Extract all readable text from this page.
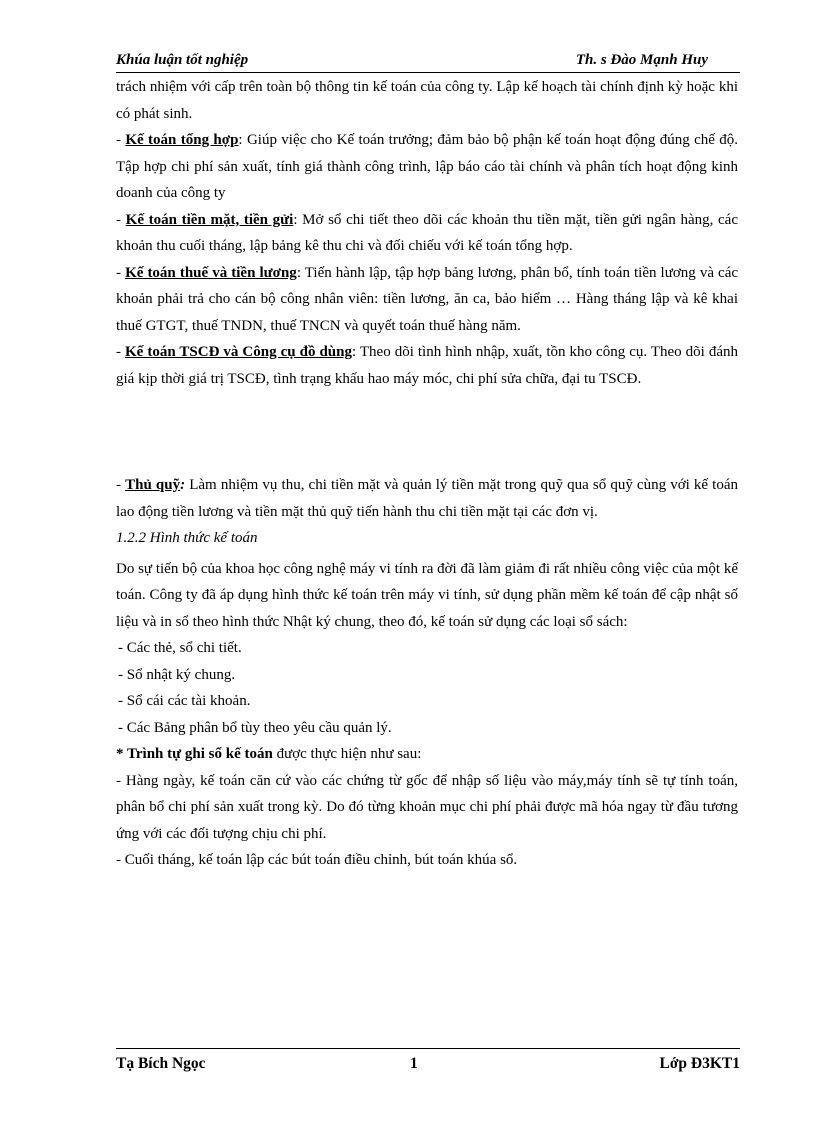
Khúa luận tốt nghiệp	Th. s Đào Mạnh Huy

trách nhiệm với cấp trên toàn bộ thông tin kế toán của công ty. Lập kế hoạch tài chính định kỳ hoặc khi có phát sinh.

- Kế toán tổng hợp: Giúp việc cho Kế toán trưởng; đảm bảo bộ phận kế toán hoạt động đúng chế độ. Tập hợp chi phí sản xuất, tính giá thành công trình, lập báo cáo tài chính và phân tích hoạt động kinh doanh của công ty

- Kế toán tiền mặt, tiền gửi: Mở sổ chi tiết theo dõi các khoản thu tiền mặt, tiền gửi ngân hàng, các khoản thu cuối tháng, lập bảng kê thu chi và đối chiếu với kế toán tổng hợp.

- Kế toán thuế và tiền lương: Tiến hành lập, tập hợp bảng lương, phân bổ, tính toán tiền lương và các khoản phải trả cho cán bộ công nhân viên: tiền lương, ăn ca, bảo hiểm … Hàng tháng lập và kê khai thuế GTGT, thuế TNDN, thuế TNCN và quyết toán thuế hàng năm.

- Kế toán TSCĐ và Công cụ đồ dùng: Theo dõi tình hình nhập, xuất, tồn kho công cụ. Theo dõi đánh giá kịp thời giá trị TSCĐ, tình trạng khấu hao máy móc, chi phí sửa chữa, đại tu TSCĐ.

- Thủ quỹ: Làm nhiệm vụ thu, chi tiền mặt và quản lý tiền mặt trong quỹ qua sổ quỹ cùng với kế toán lao động tiền lương và tiền mặt thủ quỹ tiến hành thu chi tiền mặt tại các đơn vị.

1.2.2 Hình thức kế toán

Do sự tiến bộ của khoa học công nghệ máy vi tính ra đời đã làm giảm đi rất nhiều công việc của một kế toán. Công ty đã áp dụng hình thức kế toán trên máy vi tính, sử dụng phần mềm kế toán để cập nhật số liệu và in sổ theo hình thức Nhật ký chung, theo đó, kế toán sử dụng các loại sổ sách:

- Các thẻ, sổ chi tiết.

- Sổ nhật ký chung.

- Sổ cái các tài khoản.

- Các Bảng phân bổ tùy theo yêu cầu quản lý.

* Trình tự ghi sổ kế toán được thực hiện như sau:

- Hàng ngày, kế toán căn cứ vào các chứng từ gốc để nhập số liệu vào máy,máy tính sẽ tự tính toán, phân bổ chi phí sản xuất trong kỳ. Do đó từng khoản mục chi phí phải được mã hóa ngay từ đầu tương ứng với các đối tượng chịu chi phí.

- Cuối tháng, kế toán lập các bút toán điều chỉnh, bút toán khúa sổ.

Tạ Bích Ngọc	1	Lớp Đ3KT1
